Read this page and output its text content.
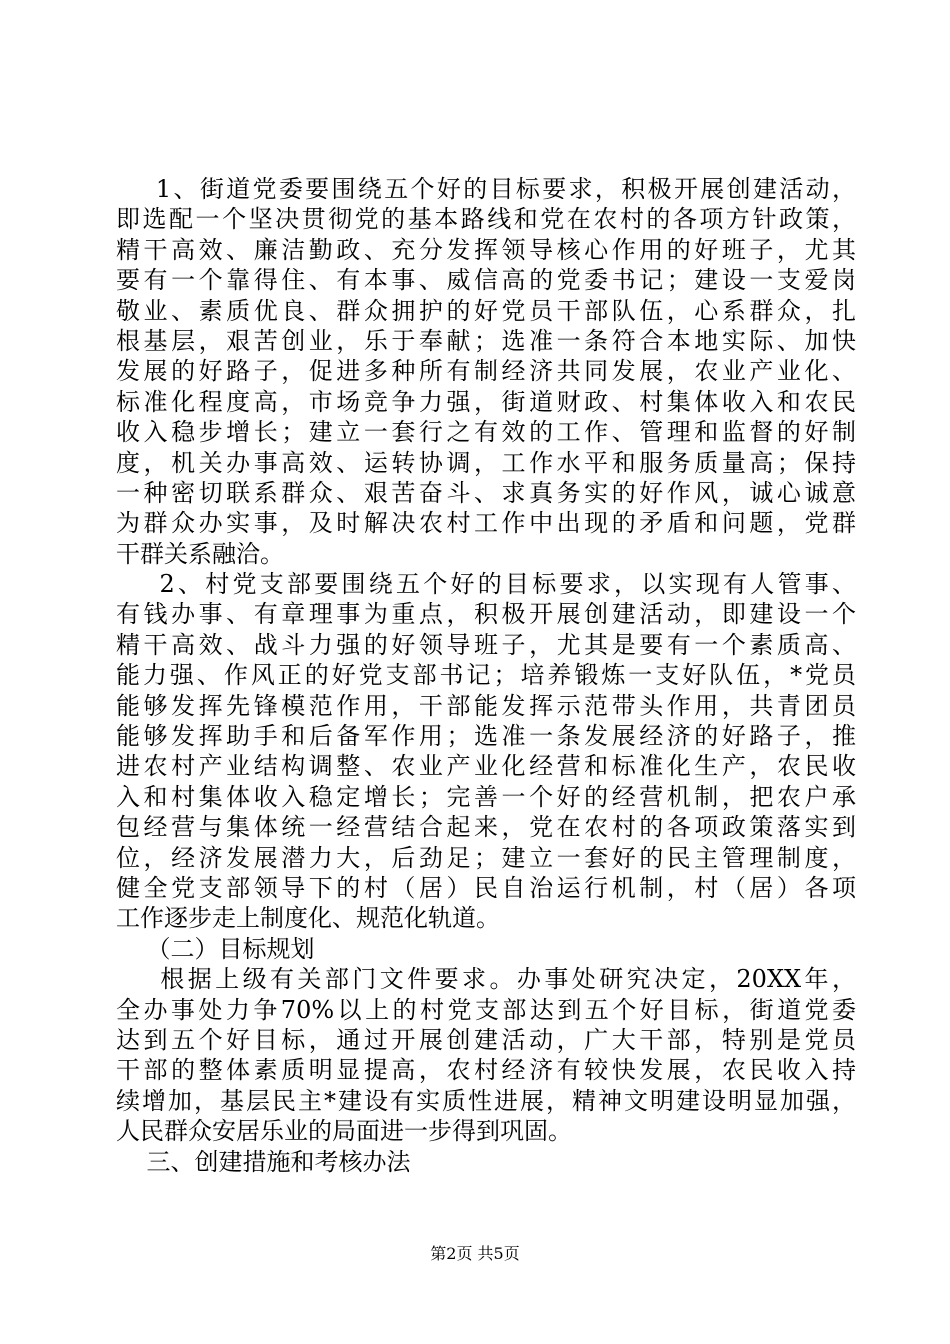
1、街道党委要围绕五个好的目标要求，积极开展创建活动，
即选配一个坚决贯彻党的基本路线和党在农村的各项方针政策，
精干高效、廉洁勤政、充分发挥领导核心作用的好班子，尤其
要有一个靠得住、有本事、威信高的党委书记；建设一支爱岗
敬业、素质优良、群众拥护的好党员干部队伍，心系群众，扎
根基层，艰苦创业，乐于奉献；选准一条符合本地实际、加快
发展的好路子，促进多种所有制经济共同发展，农业产业化、
标准化程度高，市场竞争力强，街道财政、村集体收入和农民
收入稳步增长；建立一套行之有效的工作、管理和监督的好制
度，机关办事高效、运转协调，工作水平和服务质量高；保持
一种密切联系群众、艰苦奋斗、求真务实的好作风，诚心诚意
为群众办实事，及时解决农村工作中出现的矛盾和问题，党群
干群关系融洽。
2、村党支部要围绕五个好的目标要求，以实现有人管事、
有钱办事、有章理事为重点，积极开展创建活动，即建设一个
精干高效、战斗力强的好领导班子，尤其是要有一个素质高、
能力强、作风正的好党支部书记；培养锻炼一支好队伍，*党员
能够发挥先锋模范作用，干部能发挥示范带头作用，共青团员
能够发挥助手和后备军作用；选准一条发展经济的好路子，推
进农村产业结构调整、农业产业化经营和标准化生产，农民收
入和村集体收入稳定增长；完善一个好的经营机制，把农户承
包经营与集体统一经营结合起来，党在农村的各项政策落实到
位，经济发展潜力大，后劲足；建立一套好的民主管理制度，
健全党支部领导下的村（居）民自治运行机制，村（居）各项
工作逐步走上制度化、规范化轨道。
（二）目标规划
根据上级有关部门文件要求。办事处研究决定，20XX年，
全办事处力争70%以上的村党支部达到五个好目标，街道党委
达到五个好目标，通过开展创建活动，广大干部，特别是党员
干部的整体素质明显提高，农村经济有较快发展，农民收入持
续增加，基层民主*建设有实质性进展，精神文明建设明显加强，
人民群众安居乐业的局面进一步得到巩固。
三、创建措施和考核办法
第2页 共5页
